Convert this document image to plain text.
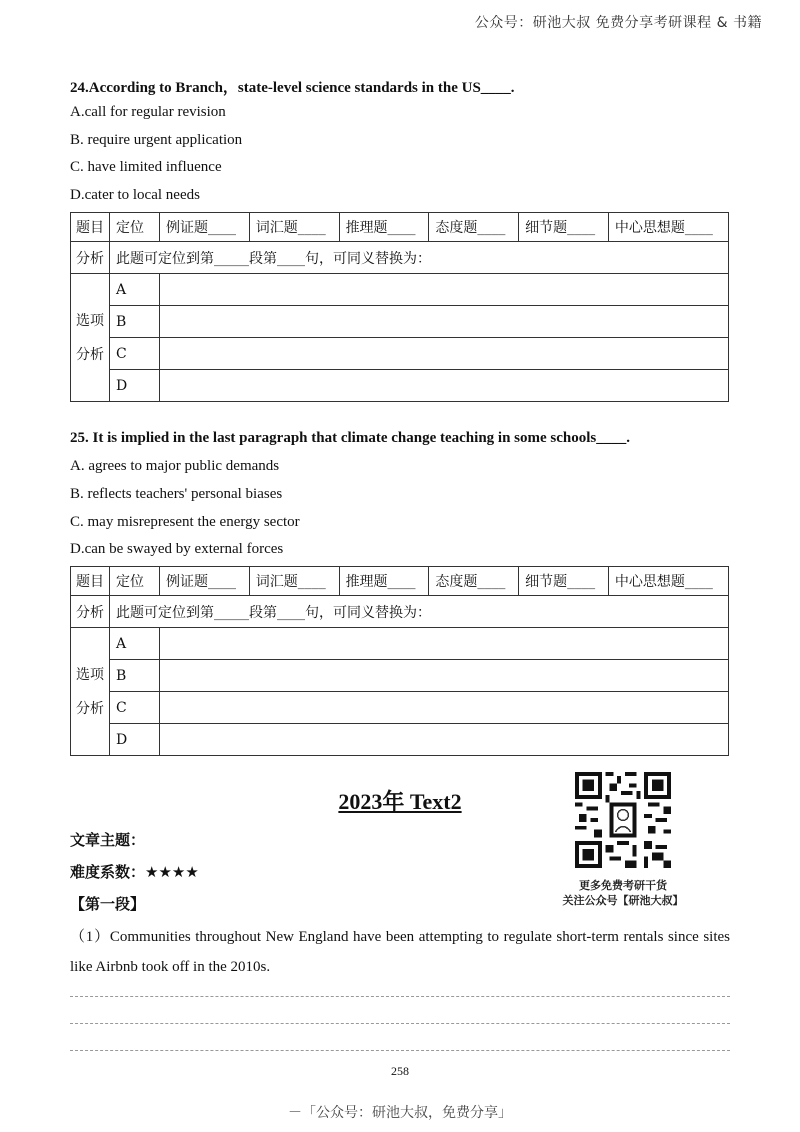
公众号：研池大叔 免费分享考研课程 & 书籍
24.According to Branch，state-level science standards in the US____.
A.call for regular revision
B. require urgent application
C. have limited influence
D.cater to local needs
题目	定位	例证题____	词汇题____	推理题____	态度题____	细节题____	中心思想题____
分析	此题可定位到第_____段第____句，可同义替换为：						

选项
分析	A						
	B						
	C						
	D						
25. It is implied in the last paragraph that climate change teaching in some schools____.
A. agrees to major public demands
B. reflects teachers' personal biases
C. may misrepresent the energy sector
D.can be swayed by external forces
题目	定位	例证题____	词汇题____	推理题____	态度题____	细节题____	中心思想题____
分析	此题可定位到第_____段第____句，可同义替换为：						

选项
分析	A						
	B						
	C						
	D						
2023年 Text2
更多免费考研干货
关注公众号【研池大叔】
文章主题：
难度系数：★★★★
【第一段】
（1）Communities throughout New England have been attempting to regulate short-term rentals since sites like Airbnb took off in the 2010s.
258
－「公众号：研池大叔，免费分享」
